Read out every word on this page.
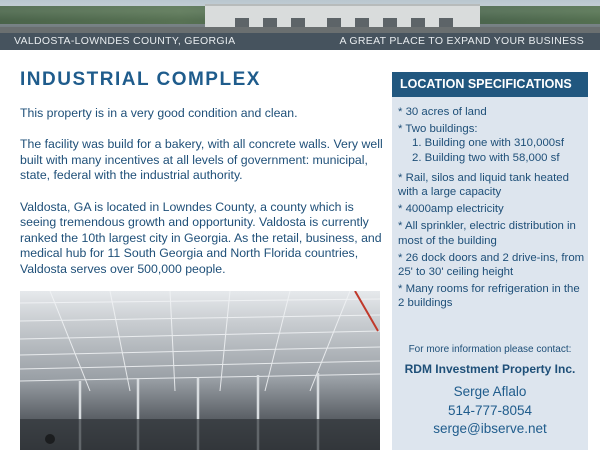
VALDOSTA-LOWNDES COUNTY, GEORGIA	A GREAT PLACE TO EXPAND YOUR BUSINESS
INDUSTRIAL COMPLEX

This property is in a very good condition and clean.

The facility was build for a bakery, with all concrete walls. Very well built with many incentives at all levels of government: municipal, state, federal with the industrial authority.

Valdosta, GA is located in Lowndes County, a county which is seeing tremendous growth and opportunity. Valdosta is currently ranked the 10th largest city in Georgia. As the retail, business, and medical hub for 11 South Georgia and North Florida countries, Valdosta serves over 500,000 people.

LOCATION SPECIFICATIONS
* 30 acres of land
* Two buildings:
1. Building one with 310,000sf
2. Building two with 58,000 sf
* Rail, silos and liquid tank heated with a large capacity
* 4000amp electricity
* All sprinkler, electric distribution in most of the building
* 26 dock doors and 2 drive-ins, from 25' to 30' ceiling height
* Many rooms for refrigeration in the 2 buildings
For more information please contact:
RDM Investment Property Inc.
Serge Aflalo
514-777-8054
serge@ibserve.net
